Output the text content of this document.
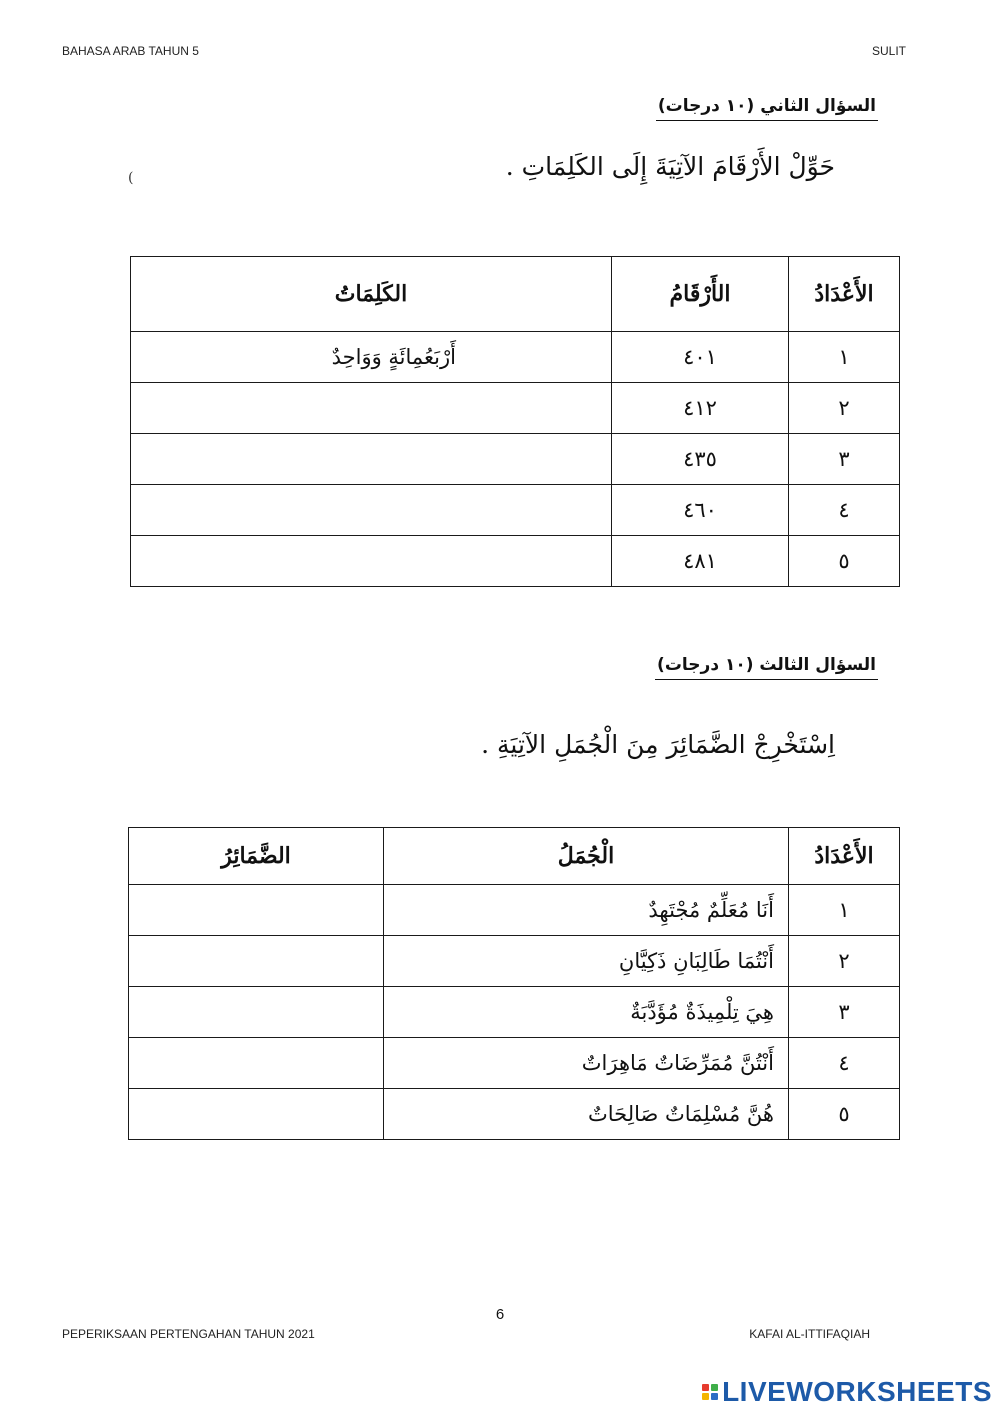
BAHASA ARAB TAHUN 5	SULIT
السؤال الثاني (١٠ درجات)
حَوِّلْ الأَرْقَامَ الآتِيَةَ إِلَى الكَلِمَاتِ .
(
الأَعْدَادُ	الأَرْقَامُ	الكَلِمَاتُ
١	٤٠١	أَرْبَعُمِائَةٍ وَوَاحِدٌ
٢	٤١٢	
٣	٤٣٥	
٤	٤٦٠	
٥	٤٨١	
السؤال الثالث (١٠ درجات)
اِسْتَخْرِجْ الضَّمَائِرَ مِنَ الْجُمَلِ الآتِيَةِ .
الأَعْدَادُ	الْجُمَلُ	الضَّمَائِرُ
١	أَنَا مُعَلِّمٌ مُجْتَهِدٌ	
٢	أَنْتُمَا طَالِبَانِ ذَكِيَّانِ	
٣	هِيَ تِلْمِيذَةٌ مُؤَدَّبَةٌ	
٤	أَنْتُنَّ مُمَرِّضَاتٌ مَاهِرَاتٌ	
٥	هُنَّ مُسْلِمَاتٌ صَالِحَاتٌ	
6
PEPERIKSAAN PERTENGAHAN TAHUN 2021	KAFAI AL-ITTIFAQIAH
LIVEWORKSHEETS
